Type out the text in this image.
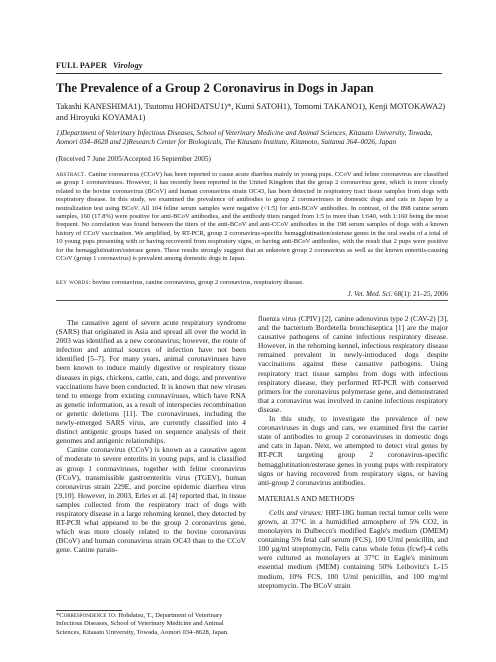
FULL PAPER Virology
The Prevalence of a Group 2 Coronavirus in Dogs in Japan
Takashi KANESHIMA1), Tsutomu HOHDATSU1)*, Kumi SATOH1), Tomomi TAKANO1), Kenji MOTOKAWA2) and Hiroyuki KOYAMA1)
1)Department of Veterinary Infectious Diseases, School of Veterinary Medicine and Animal Sciences, Kitasato University, Towada, Aomori 034–8628 and 2)Research Center for Biologicals, The Kitasato Institute, Kitamoto, Saitama 364–0026, Japan
(Received 7 June 2005/Accepted 16 September 2005)
abstract. Canine coronavirus (CCoV) has been reported to cause acute diarrhea mainly in young pups. CCoV and feline coronavirus are classified as group 1 coronaviruses. However, it has recently been reported in the United Kingdom that the group 2 coronavirus gene, which is more closely related to the bovine coronavirus (BCoV) and human coronavirus strain OC43, has been detected in respiratory tract tissue samples from dogs with respiratory disease. In this study, we examined the prevalence of antibodies to group 2 coronaviruses in domestic dogs and cats in Japan by a neutralization test using BCoV. All 104 feline serum samples were negative (<1:5) for anti-BCoV antibodies. In contrast, of the 898 canine serum samples, 160 (17.8%) were positive for anti-BCoV antibodies, and the antibody titers ranged from 1:5 to more than 1:640, with 1:160 being the most frequent. No correlation was found between the titers of the anti-BCoV and anti-CCoV antibodies in the 198 serum samples of dogs with a known history of CCoV vaccination. We amplified, by RT-PCR, group 2 coronavirus-specific hemagglutination/esterase genes in the oral swabs of a total of 10 young pups presenting with or having recovered from respiratory signs, or having anti-BCoV antibodies, with the result that 2 pups were positive for the hemagglutination/esterase genes. These results strongly suggest that an unknown group 2 coronavirus as well as the known enteritis-causing CCoV (group 1 coronavirus) is prevalent among domestic dogs in Japan.
key words: bovine coronavirus, canine coronavirus, group 2 coronavirus, respiratory disease.
J. Vet. Med. Sci. 68(1): 21–25, 2006

The causative agent of severe acute respiratory syndrome (SARS) that originated in Asia and spread all over the world in 2003 was identified as a new coronavirus; however, the route of infection and animal sources of infection have not been identified [5–7]. For many years, animal coronaviruses have been known to induce mainly digestive or respiratory tissue diseases in pigs, chickens, cattle, cats, and dogs, and preventive vaccinations have been conducted. It is known that new viruses tend to emerge from existing coronaviruses, which have RNA as genetic information, as a result of interspecies recombination or genetic deletions [11]. The coronaviruses, including the newly-emerged SARS virus, are currently classified into 4 distinct antigenic groups based on sequence analysis of their genomes and antigenic relationships.

Canine coronavirus (CCoV) is known as a causative agent of moderate to severe enteritis in young pups, and is classified as group 1 coronaviruses, together with feline coronavirus (FCoV), transmissible gastroenteritis virus (TGEV), human coronavirus strain 229E, and porcine epidemic diarrhea virus [9,10]. However, in 2003, Erles et al. [4] reported that, in tissue samples collected from the respiratory tract of dogs with respiratory disease in a large rehoming kennel, they detected by RT-PCR what appeared to be the group 2 coronavirus gene, which was more closely related to the bovine coronavirus (BCoV) and human coronavirus strain OC43 than to the CCoV gene. Canine parain-

*Correspondence to: Hohdatsu, T., Department of Veterinary Infectious Diseases, School of Veterinary Medicine and Animal Sciences, Kitasato University, Towada, Aomori 034–8628, Japan.

fluenza virus (CPIV) [2], canine adenovirus type 2 (CAV-2) [3], and the bacterium Bordetella bronchiseptica [1] are the major causative pathogens of canine infectious respiratory disease. However, in the rehoming kennel, infectious respiratory disease remained prevalent in newly-introduced dogs despite vaccinations against these causative pathogens. Using respiratory tract tissue samples from dogs with infectious respiratory disease, they performed RT-PCR with conserved primers for the coronavirus polymerase gene, and demonstrated that a coronavirus was involved in canine infectious respiratory disease.

In this study, to investigate the prevalence of new coronaviruses in dogs and cats, we examined first the carrier state of antibodies to group 2 coronaviruses in domestic dogs and cats in Japan. Next, we attempted to detect viral genes by RT-PCR targeting group 2 coronavirus-specific hemagglutination/esterase genes in young pups with respiratory signs or having recovered from respiratory signs, or having anti-group 2 coronavirus antibodies.

MATERIALS AND METHODS

Cells and viruses: HRT-18G human rectal tumor cells were grown, at 37°C in a humidified atmosphere of 5% CO2, in monolayers in Dulbecco's modified Eagle's medium (DMEM) containing 5% fetal calf serum (FCS), 100 U/ml penicillin, and 100 µg/ml streptomycin. Felis catus whole fetus (fcwf)-4 cells were cultured as monolayers at 37°C in Eagle's minimum essential medium (MEM) containing 50% Leibovitz's L-15 medium, 10% FCS, 100 U/ml penicillin, and 100 mg/ml streptomycin. The BCoV strain
